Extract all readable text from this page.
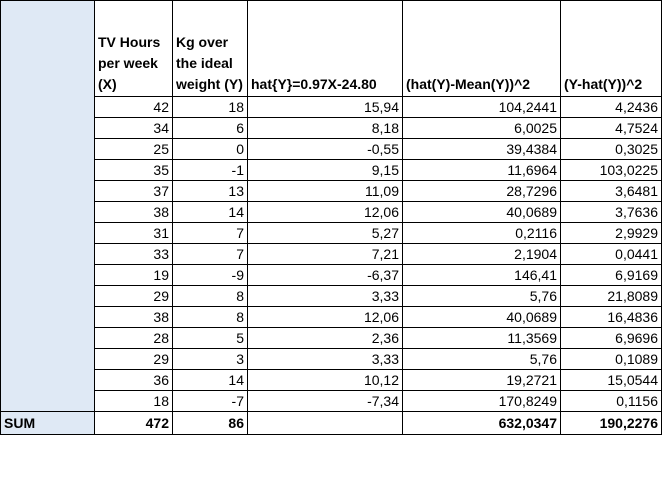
	TV Hours per week (X)	Kg over the ideal weight (Y)	hat{Y}=0.97X-24.80	(hat(Y)-Mean(Y))^2	(Y-hat(Y))^2
	42	18	15,94	104,2441	4,2436
	34	6	8,18	6,0025	4,7524
	25	0	-0,55	39,4384	0,3025
	35	-1	9,15	11,6964	103,0225
	37	13	11,09	28,7296	3,6481
	38	14	12,06	40,0689	3,7636
	31	7	5,27	0,2116	2,9929
	33	7	7,21	2,1904	0,0441
	19	-9	-6,37	146,41	6,9169
	29	8	3,33	5,76	21,8089
	38	8	12,06	40,0689	16,4836
	28	5	2,36	11,3569	6,9696
	29	3	3,33	5,76	0,1089
	36	14	10,12	19,2721	15,0544
	18	-7	-7,34	170,8249	0,1156
SUM	472	86		632,0347	190,2276
